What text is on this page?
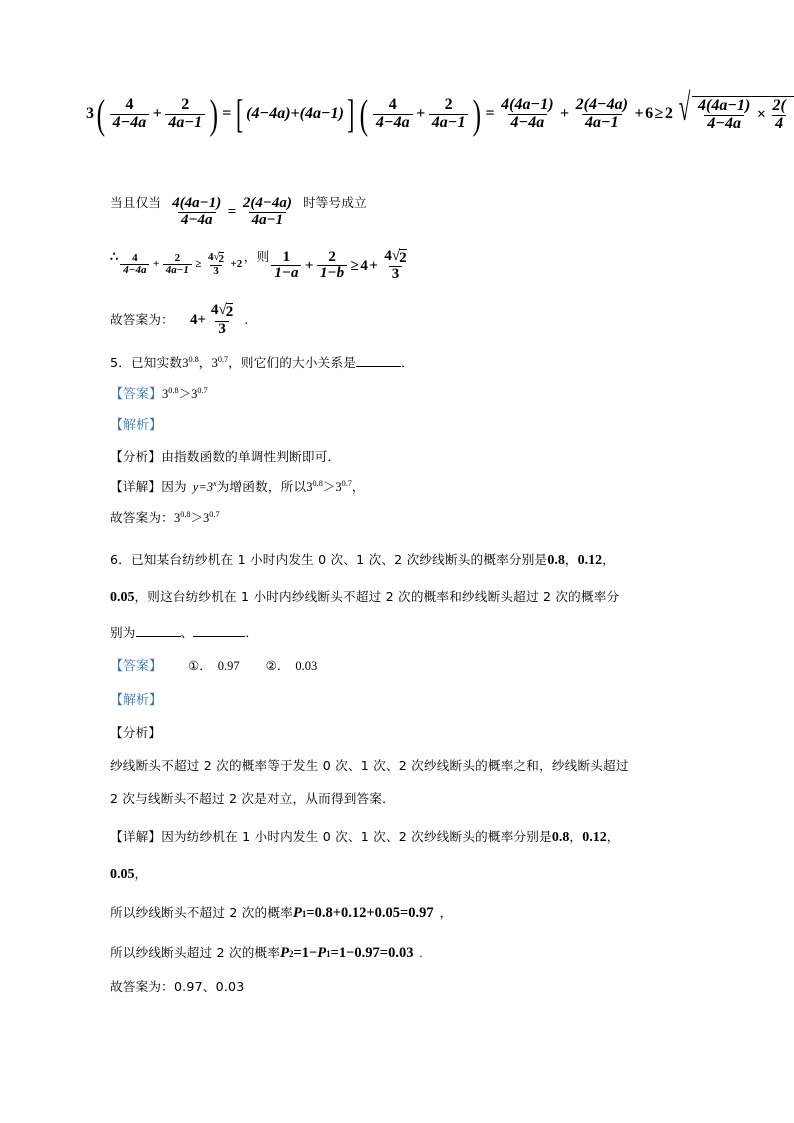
3 ( $\frac{4}{4-4a} + \frac{2}{4a-1}$ ) = [ (4−4a)+(4a−1) ] ( $\frac{4}{4-4a} + \frac{2}{4a-1}$ ) = $\frac{4(4a-1)}{4-4a} + \frac{2(4-4a)}{4a-1} + 6 \ge 2$ √ $\frac{4(4a-1)}{4-4a} \times \frac{2(}{4}$
当且仅当 $\frac{4(4a-1)}{4-4a} = \frac{2(4-4a)}{4a-1}$ 时等号成立
∴ $\frac{4}{4-4a} + \frac{2}{4a-1} \ge \frac{4√ 2}{3} +2$
， 则 $\frac{1}{1-a} + \frac{2}{1-b} \ge 4 + \frac{4√ 2}{3}$
故答案为： $4+ \frac{4√ 2}{3}$ .
5． 已知实数 $3^{0.8}$ ， $3^{0.7}$ ，则它们的大小关系是	．
【答案】 $3^{0.8} > 3^{0.7}$
【解析】
【分析】 由指数函数的单调性判断即可．
【详解】 因为 $y=3^x$ 为增函数，所以 $3^{0.8} > 3^{0.7}$ ，
故答案为： $3^{0.8} > 3^{0.7}$
6． 已知某台纺纱机在 1 小时内发生 0 次、1 次、2 次纱线断头的概率分别是 0.8 ， 0.12 ，
0.05 ，则这台纺纱机在 1 小时内纱线断头不超过 2 次的概率和纱线断头超过 2 次的概率分
别为	、	．
【答案】 ①． 0.97 ②． 0.03
【解析】
【分析】
纱线断头不超过 2 次的概率等于发生 0 次、1 次、2 次纱线断头的概率之和，纱线断头超过
2 次与线断头不超过 2 次是对立，从而得到答案．
【详解】 因为纺纱机在 1 小时内发生 0 次、1 次、2 次纱线断头的概率分别是 0.8 ， 0.12 ，
0.05 ，
所以纱线断头不超过 2 次的概率 P 1 =0.8+0.12+0.05=0.97 ，
所以纱线断头超过 2 次的概率 P 2 =1− P 1 =1−0.97=0.03 .
故答案为：0.97、0.03
